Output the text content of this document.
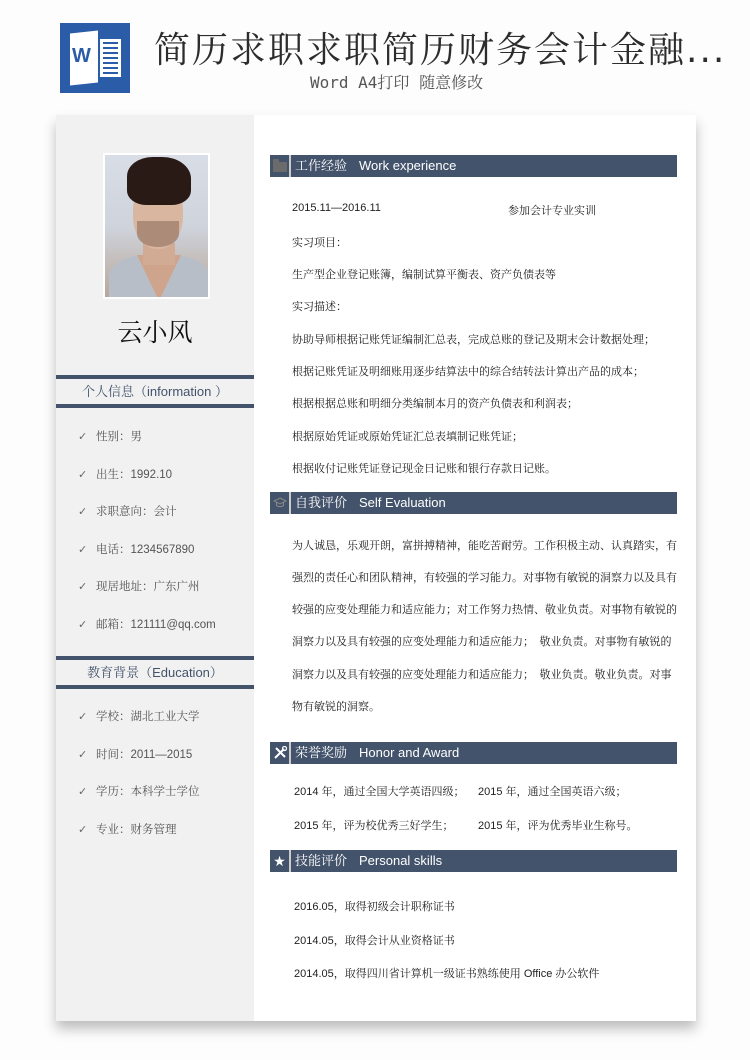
W 简历求职求职简历财务会计金融...
Word A4打印 随意修改
云小风
个人信息（information ）
✓ 性别：男
✓ 出生：1992.10
✓ 求职意向：会计
✓ 电话：1234567890
✓ 现居地址：广东广州
✓ 邮箱：121111@qq.com
教育背景（Education）
✓ 学校：湖北工业大学
✓ 时间：2011—2015
✓ 学历：本科学士学位
✓ 专业：财务管理
工作经验 Work experience
2015.11—2016.11	参加会计专业实训
实习项目：
生产型企业登记账簿，编制试算平衡表、资产负债表等
实习描述：
协助导师根据记账凭证编制汇总表，完成总账的登记及期末会计数据处理；
根据记账凭证及明细账用逐步结算法中的综合结转法计算出产品的成本；
根据根据总账和明细分类编制本月的资产负债表和利润表；
根据原始凭证或原始凭证汇总表填制记账凭证；
根据收付记账凭证登记现金日记账和银行存款日记账。
自我评价 Self Evaluation
为人诚恳，乐观开朗，富拼搏精神，能吃苦耐劳。工作积极主动、认真踏实，有
强烈的责任心和团队精神，有较强的学习能力。对事物有敏锐的洞察力以及具有
较强的应变处理能力和适应能力；对工作努力热情、敬业负责。对事物有敏锐的
洞察力以及具有较强的应变处理能力和适应能力；　敬业负责。对事物有敏锐的
洞察力以及具有较强的应变处理能力和适应能力；　敬业负责。敬业负责。对事
物有敏锐的洞察。
荣誉奖励 Honor and Award
2014 年，通过全国大学英语四级； 2015 年，通过全国英语六级；
2015 年，评为校优秀三好学生； 2015 年，评为优秀毕业生称号。
★ 技能评价 Personal skills
2016.05，取得初级会计职称证书
2014.05，取得会计从业资格证书
2014.05，取得四川省计算机一级证书熟练使用 Office 办公软件
